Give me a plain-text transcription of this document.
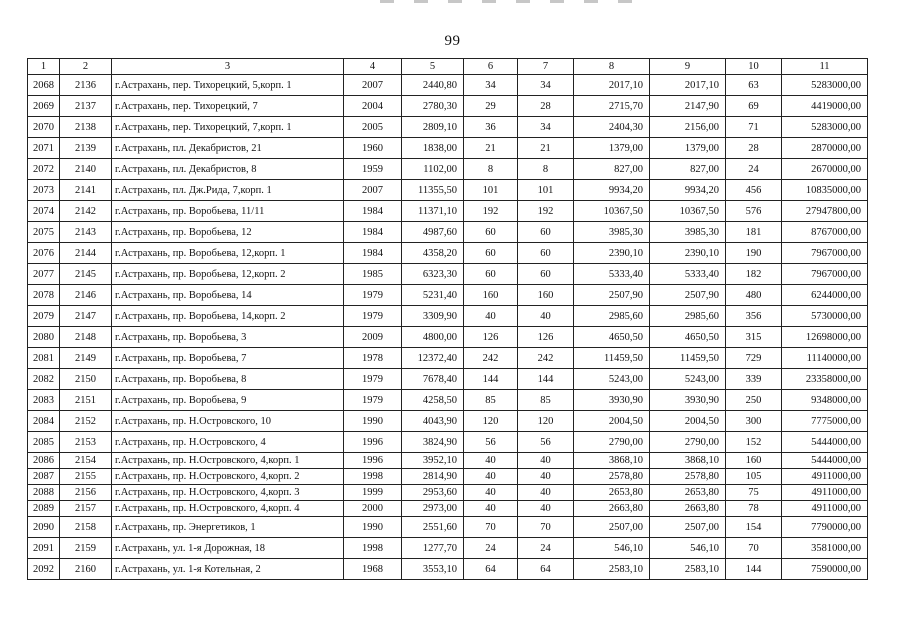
99
1	2	3	4	5	6	7	8	9	10	11
2068	2136	г.Астрахань, пер. Тихорецкий, 5,корп. 1	2007	2440,80	34	34	2017,10	2017,10	63	5283000,00
2069	2137	г.Астрахань, пер. Тихорецкий, 7	2004	2780,30	29	28	2715,70	2147,90	69	4419000,00
2070	2138	г.Астрахань, пер. Тихорецкий, 7,корп. 1	2005	2809,10	36	34	2404,30	2156,00	71	5283000,00
2071	2139	г.Астрахань, пл. Декабристов, 21	1960	1838,00	21	21	1379,00	1379,00	28	2870000,00
2072	2140	г.Астрахань, пл. Декабристов, 8	1959	1102,00	8	8	827,00	827,00	24	2670000,00
2073	2141	г.Астрахань, пл. Дж.Рида, 7,корп. 1	2007	11355,50	101	101	9934,20	9934,20	456	10835000,00
2074	2142	г.Астрахань, пр. Воробьева, 11/11	1984	11371,10	192	192	10367,50	10367,50	576	27947800,00
2075	2143	г.Астрахань, пр. Воробьева, 12	1984	4987,60	60	60	3985,30	3985,30	181	8767000,00
2076	2144	г.Астрахань, пр. Воробьева, 12,корп. 1	1984	4358,20	60	60	2390,10	2390,10	190	7967000,00
2077	2145	г.Астрахань, пр. Воробьева, 12,корп. 2	1985	6323,30	60	60	5333,40	5333,40	182	7967000,00
2078	2146	г.Астрахань, пр. Воробьева, 14	1979	5231,40	160	160	2507,90	2507,90	480	6244000,00
2079	2147	г.Астрахань, пр. Воробьева, 14,корп. 2	1979	3309,90	40	40	2985,60	2985,60	356	5730000,00
2080	2148	г.Астрахань, пр. Воробьева, 3	2009	4800,00	126	126	4650,50	4650,50	315	12698000,00
2081	2149	г.Астрахань, пр. Воробьева, 7	1978	12372,40	242	242	11459,50	11459,50	729	11140000,00
2082	2150	г.Астрахань, пр. Воробьева, 8	1979	7678,40	144	144	5243,00	5243,00	339	23358000,00
2083	2151	г.Астрахань, пр. Воробьева, 9	1979	4258,50	85	85	3930,90	3930,90	250	9348000,00
2084	2152	г.Астрахань, пр. Н.Островского, 10	1990	4043,90	120	120	2004,50	2004,50	300	7775000,00
2085	2153	г.Астрахань, пр. Н.Островского, 4	1996	3824,90	56	56	2790,00	2790,00	152	5444000,00
2086	2154	г.Астрахань, пр. Н.Островского, 4,корп. 1	1996	3952,10	40	40	3868,10	3868,10	160	5444000,00
2087	2155	г.Астрахань, пр. Н.Островского, 4,корп. 2	1998	2814,90	40	40	2578,80	2578,80	105	4911000,00
2088	2156	г.Астрахань, пр. Н.Островского, 4,корп. 3	1999	2953,60	40	40	2653,80	2653,80	75	4911000,00
2089	2157	г.Астрахань, пр. Н.Островского, 4,корп. 4	2000	2973,00	40	40	2663,80	2663,80	78	4911000,00
2090	2158	г.Астрахань, пр. Энергетиков, 1	1990	2551,60	70	70	2507,00	2507,00	154	7790000,00
2091	2159	г.Астрахань, ул. 1-я Дорожная, 18	1998	1277,70	24	24	546,10	546,10	70	3581000,00
2092	2160	г.Астрахань, ул. 1-я Котельная, 2	1968	3553,10	64	64	2583,10	2583,10	144	7590000,00
